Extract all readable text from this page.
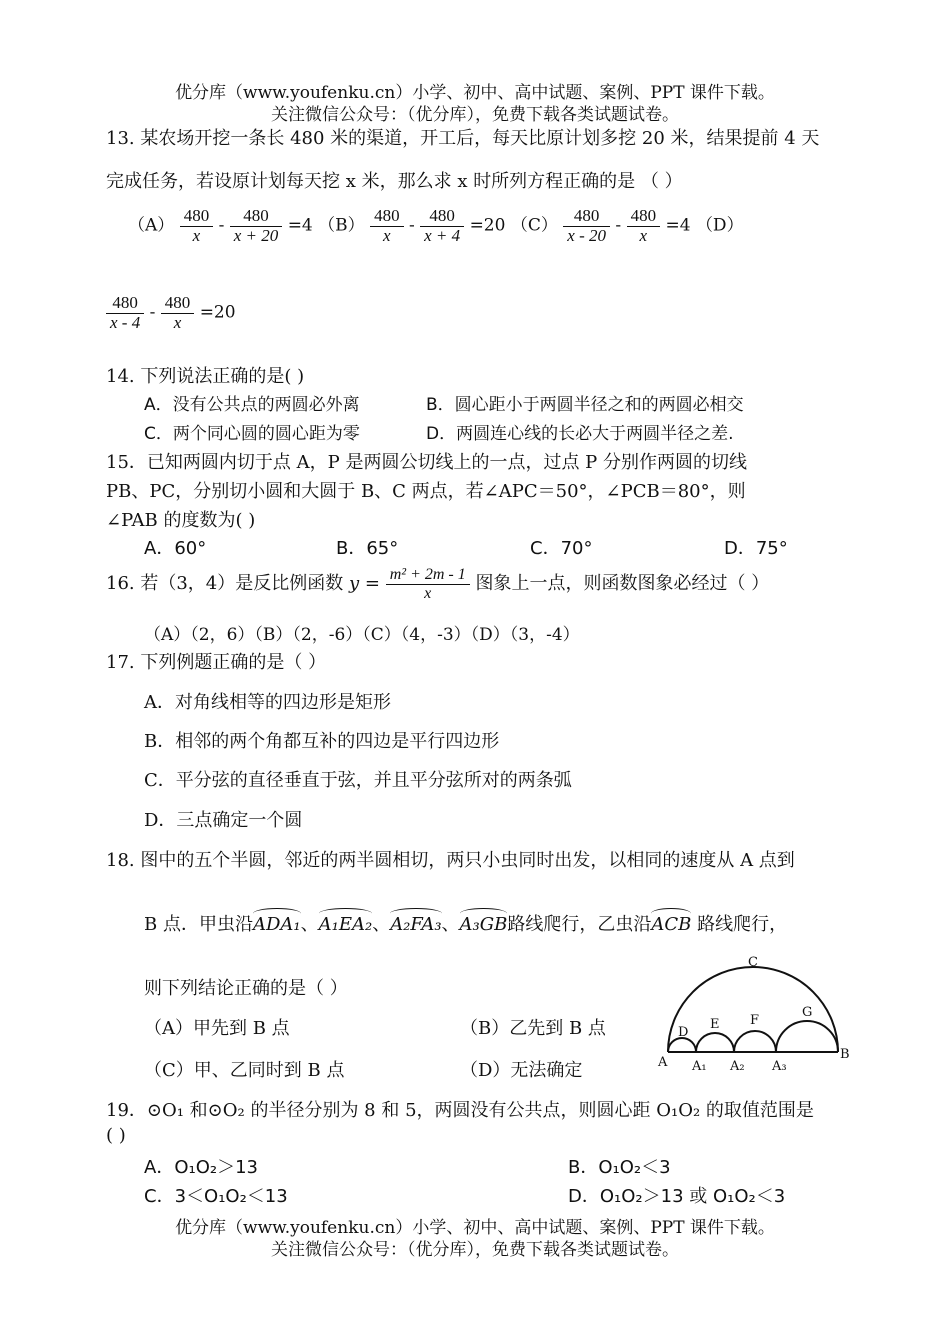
优分库（www.youfenku.cn）小学、初中、高中试题、案例、PPT 课件下载。
关注微信公众号：（优分库），免费下载各类试题试卷。
13. 某农场开挖一条长 480 米的渠道，开工后，每天比原计划多挖 20 米，结果提前 4 天
完成任务，若设原计划每天挖 x 米，那么求 x 时所列方程正确的是 （ ）
$(A) \frac{480}{x} - \frac{480}{x + 20} =4$ $(B) \frac{480}{x} - \frac{480}{x + 4} =20$ $(C) \frac{480}{x - 20} - \frac{480}{x} =4$ （D）
$\frac{480}{x - 4} - \frac{480}{x} =20$
14. 下列说法正确的是( )
A．没有公共点的两圆必外离	B．圆心距小于两圆半径之和的两圆必相交
C．两个同心圆的圆心距为零	D．两圆连心线的长必大于两圆半径之差.
15．已知两圆内切于点 A，P 是两圆公切线上的一点，过点 P 分别作两圆的切线
PB、PC，分别切小圆和大圆于 B、C 两点，若∠APC＝50°，∠PCB＝80°，则
∠PAB 的度数为( )
A．60°	B．65°	C．70°	D．75°
16. 若（3，4）是反比例函数 $y = \frac{\text{m² + 2m - 1}}{x}$ 图象上一点，则函数图象必经过（ ）
（A）（2，6）（B）（2，-6）（C）（4，-3）（D）（3，-4）
17. 下列例题正确的是（ ）
A．对角线相等的四边形是矩形
B．相邻的两个角都互补的四边是平行四边形
C．平分弦的直径垂直于弦，并且平分弦所对的两条弧
D．三点确定一个圆
18. 图中的五个半圆，邻近的两半圆相切，两只小虫同时出发，以相同的速度从 A 点到
B 点．甲虫沿ADA₁、A₁EA₂、A₂FA₃、A₃GB路线爬行，乙虫沿ACB 路线爬行，
则下列结论正确的是（ ）
（A）甲先到 B 点	（B）乙先到 B 点
（C）甲、乙同时到 B 点	（D）无法确定
C
D
E F
G
A A₁ A₂ A₃
B
19．⊙O₁ 和⊙O₂ 的半径分别为 8 和 5，两圆没有公共点，则圆心距 O₁O₂ 的取值范围是
( )
A．O₁O₂＞13	B．O₁O₂＜3
C．3＜O₁O₂＜13	D．O₁O₂＞13 或 O₁O₂＜3
优分库（www.youfenku.cn）小学、初中、高中试题、案例、PPT 课件下载。
关注微信公众号：（优分库），免费下载各类试题试卷。
